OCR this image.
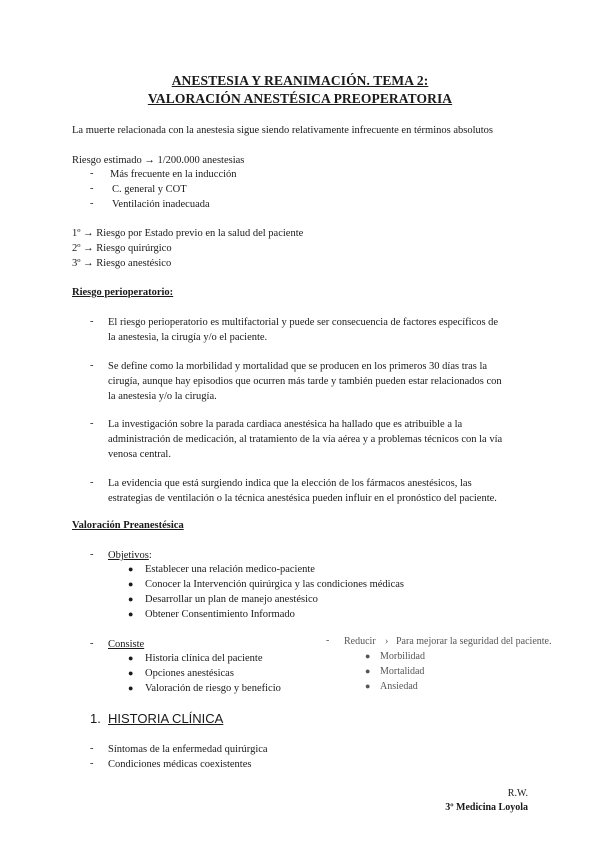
ANESTESIA Y REANIMACIÓN. TEMA 2:
VALORACIÓN ANESTÉSICA PREOPERATORIA
La muerte relacionada con la anestesia sigue siendo relativamente infrecuente en términos absolutos
Riesgo estimado → 1/200.000 anestesias
- Más frecuente en la inducción
- C. general y COT
- Ventilación inadecuada
1º → Riesgo por Estado previo en la salud del paciente
2º → Riesgo quirúrgico
3º → Riesgo anestésico
Riesgo perioperatorio:
- El riesgo perioperatorio es multifactorial y puede ser consecuencia de factores específicos de
la anestesia, la cirugía y/o el paciente.
- Se define como la morbilidad y mortalidad que se producen en los primeros 30 días tras la
cirugía, aunque hay episodios que ocurren más tarde y también pueden estar relacionados con
la anestesia y/o la cirugía.
- La investigación sobre la parada cardiaca anestésica ha hallado que es atribuible a la
administración de medicación, al tratamiento de la vía aérea y a problemas técnicos con la vía
venosa central.
- La evidencia que está surgiendo indica que la elección de los fármacos anestésicos, las
estrategias de ventilación o la técnica anestésica pueden influir en el pronóstico del paciente.
Valoración Preanestésica
- Objetivos:
● Establecer una relación medico-paciente
● Conocer la Intervención quirúrgica y las condiciones médicas
● Desarrollar un plan de manejo anestésico
● Obtener Consentimiento Informado
- Consiste
● Historia clínica del paciente
● Opciones anestésicas
● Valoración de riesgo y beneficio
- Reducir › Para mejorar la seguridad del paciente.
● Morbilidad
● Mortalidad
● Ansiedad
1. HISTORIA CLÍNICA
- Síntomas de la enfermedad quirúrgica
- Condiciones médicas coexistentes
R.W.
3º Medicina Loyola
